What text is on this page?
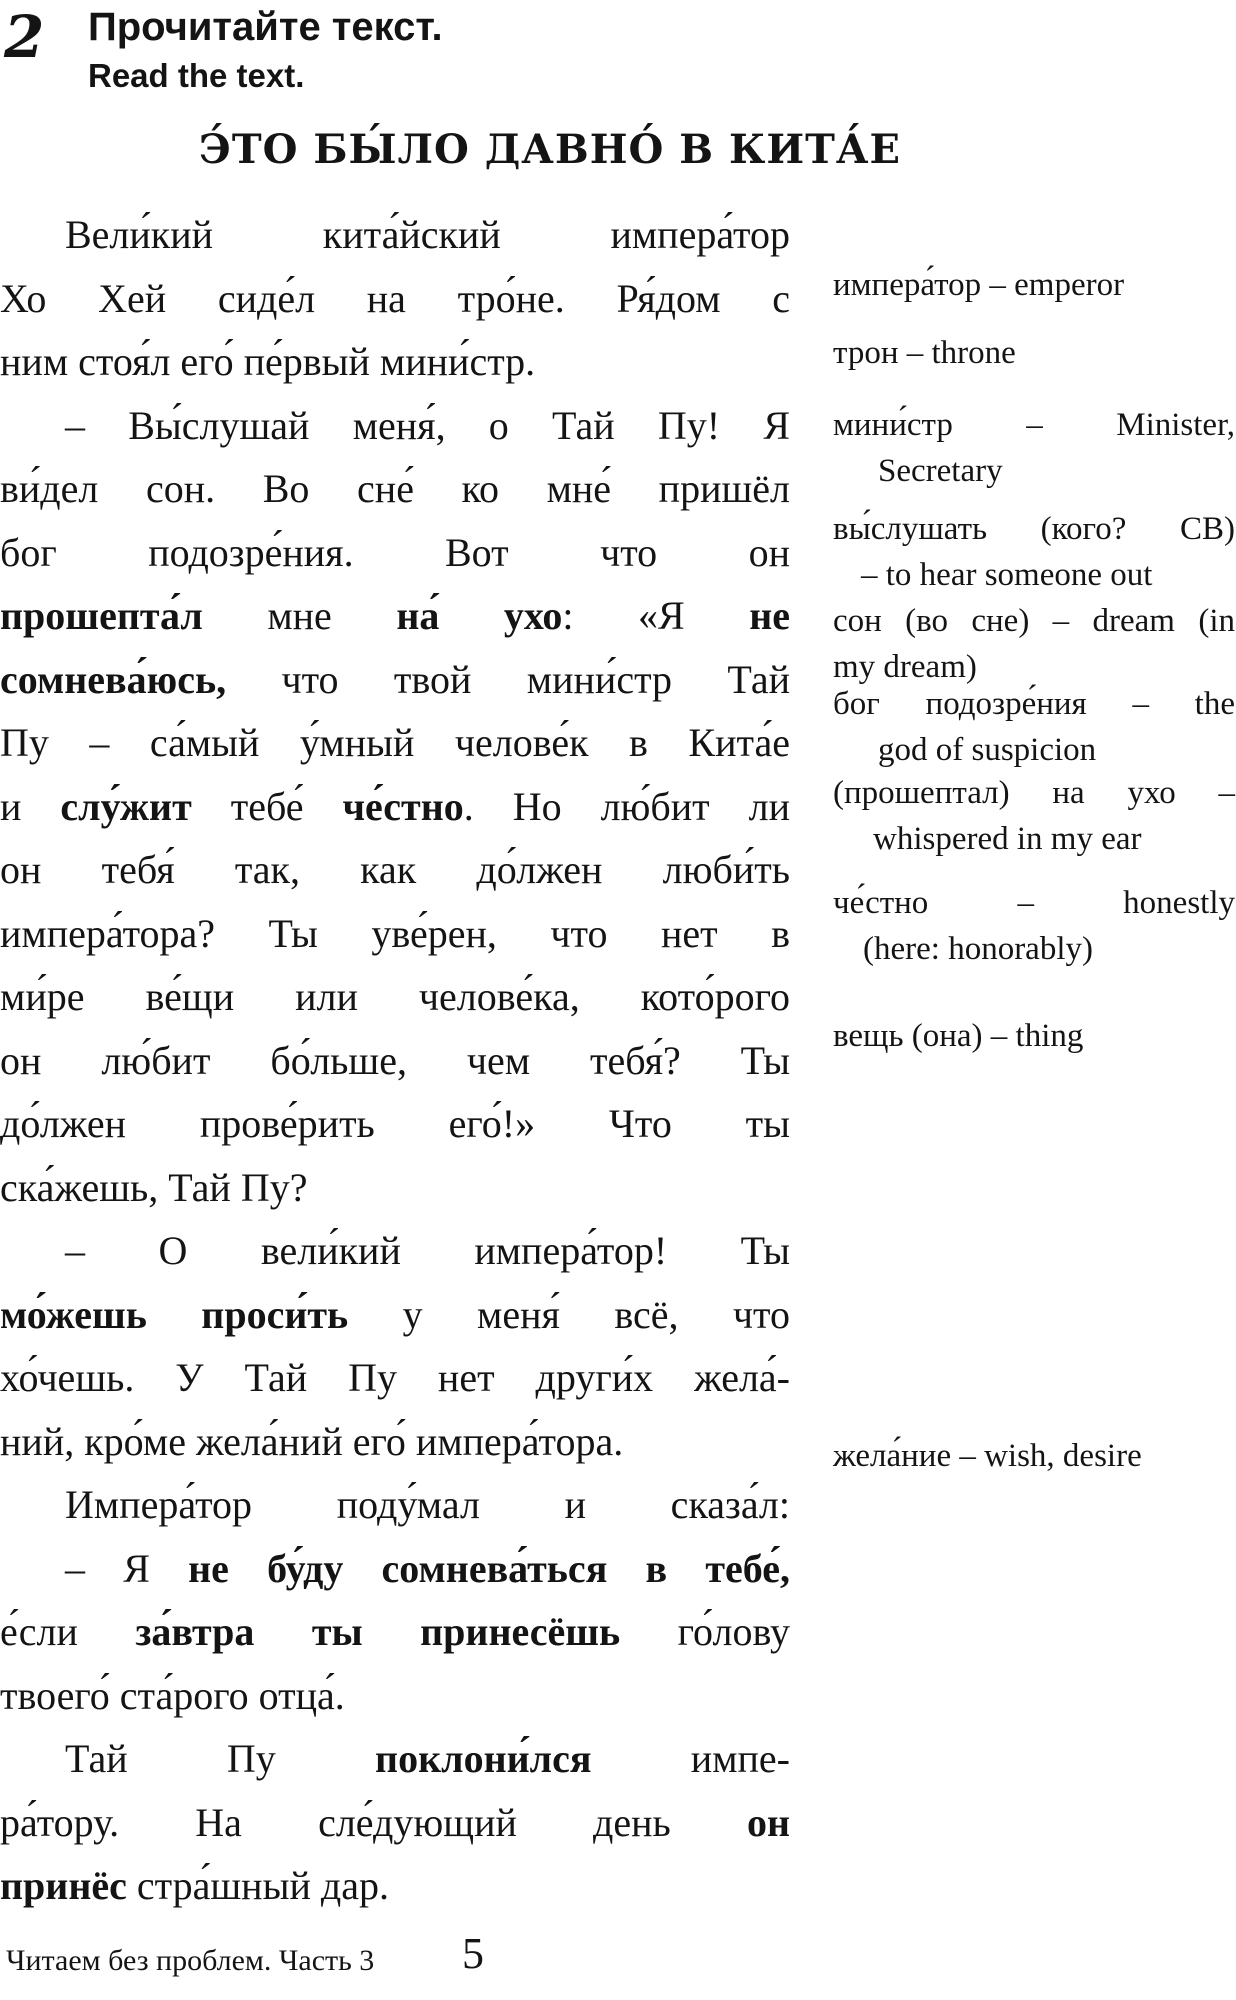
2 Прочитайте текст.
Read the text.
Э́ТО БЫ́ЛО ДАВНО́ В КИТА́Е
Вели́кий кита́йский импера́тор
Хо Хей сиде́л на тро́не. Ря́дом с
ним стоя́л его́ пе́рвый мини́стр.
– Вы́слушай меня́, о Тай Пу! Я
ви́дел сон. Во сне́ ко мне́ пришёл
бог подозре́ния. Вот что он
прошепта́л мне на́ ухо: «Я не
сомнева́юсь, что твой мини́стр Тай
Пу – са́мый у́мный челове́к в Кита́е
и слу́жит тебе́ че́стно. Но лю́бит ли
он тебя́ так, как до́лжен люби́ть
импера́тора? Ты уве́рен, что нет в
ми́ре ве́щи или челове́ка, кото́рого
он лю́бит бо́льше, чем тебя́? Ты
до́лжен прове́рить его́!» Что ты
ска́жешь, Тай Пу?
– О вели́кий импера́тор! Ты
мо́жешь проси́ть у меня́ всё, что
хо́чешь. У Тай Пу нет други́х жела́-
ний, кро́ме жела́ний его́ импера́тора.
Импера́тор поду́мал и сказа́л:
– Я не бу́ду сомнева́ться в тебе́,
е́сли за́втра ты принесёшь го́лову
твоего́ ста́рого отца́.
Тай Пу поклони́лся импе-
ра́тору. На сле́дующий день он
принёс стра́шный дар.
импера́тор – emperor
трон – throne
мини́стр – Minister,
Secretary
вы́слушать (кого? СВ)
– to hear someone out
сон (во сне) – dream (in
my dream)
бог подозре́ния – the
god of suspicion
(прошептал) на ухо –
whispered in my ear
че́стно – honestly
(here: honorably)
вещь (она) – thing
жела́ние – wish, desire
Читаем без проблем. Часть 3 5
